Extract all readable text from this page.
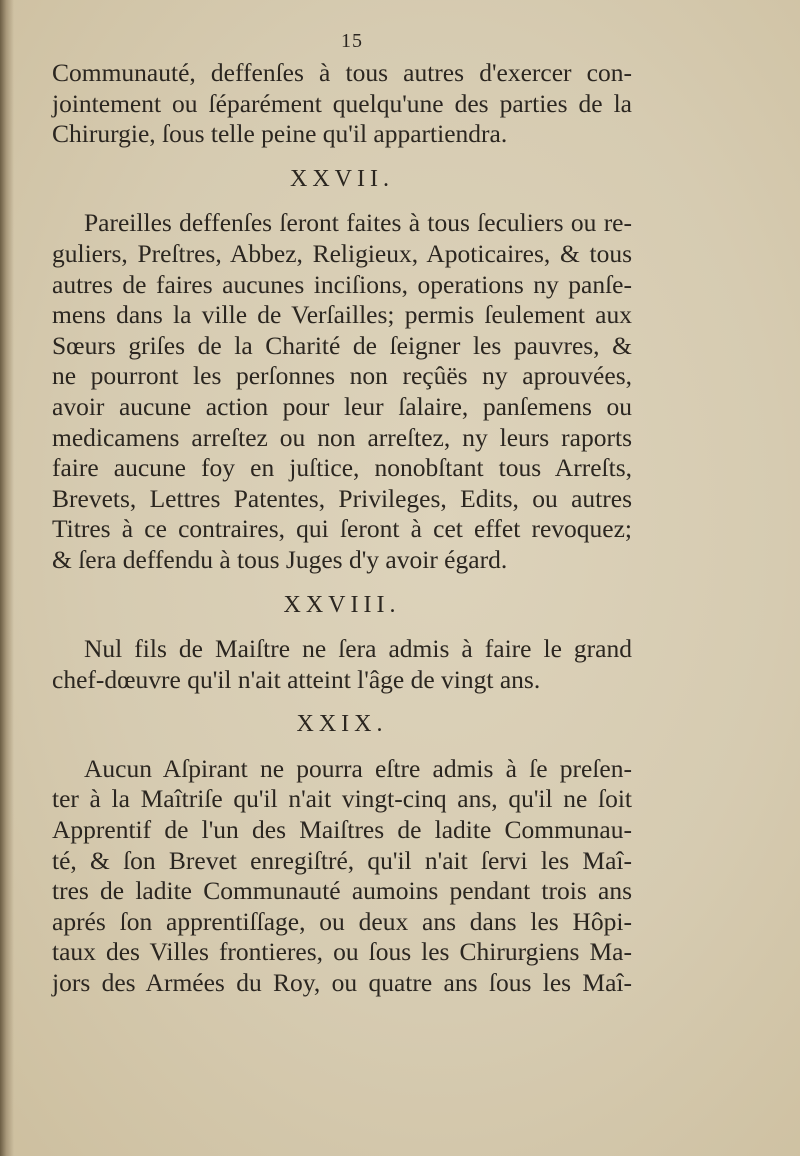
15
Communauté, deffenſes à tous autres d'exercer con-
jointement ou ſéparément quelqu'une des parties de la
Chirurgie, ſous telle peine qu'il appartiendra.
XXVII.
Pareilles deffenſes ſeront faites à tous ſeculiers ou re-
guliers, Preſtres, Abbez, Religieux, Apoticaires, & tous
autres de faires aucunes inciſions, operations ny panſe-
mens dans la ville de Verſailles; permis ſeulement aux
Sœurs griſes de la Charité de ſeigner les pauvres, &
ne pourront les perſonnes non reçûës ny aprouvées,
avoir aucune action pour leur ſalaire, panſemens ou
medicamens arreſtez ou non arreſtez, ny leurs raports
faire aucune foy en juſtice, nonobſtant tous Arreſts,
Brevets, Lettres Patentes, Privileges, Edits, ou autres
Titres à ce contraires, qui ſeront à cet effet revoquez;
& ſera deffendu à tous Juges d'y avoir égard.
XXVIII.
Nul fils de Maiſtre ne ſera admis à faire le grand
chef-dœuvre qu'il n'ait atteint l'âge de vingt ans.
XXIX.
Aucun Aſpirant ne pourra eſtre admis à ſe preſen-
ter à la Maîtriſe qu'il n'ait vingt-cinq ans, qu'il ne ſoit
Apprentif de l'un des Maiſtres de ladite Communau-
té, & ſon Brevet enregiſtré, qu'il n'ait ſervi les Maî-
tres de ladite Communauté aumoins pendant trois ans
aprés ſon apprentiſſage, ou deux ans dans les Hôpi-
taux des Villes frontieres, ou ſous les Chirurgiens Ma-
jors des Armées du Roy, ou quatre ans ſous les Maî-
